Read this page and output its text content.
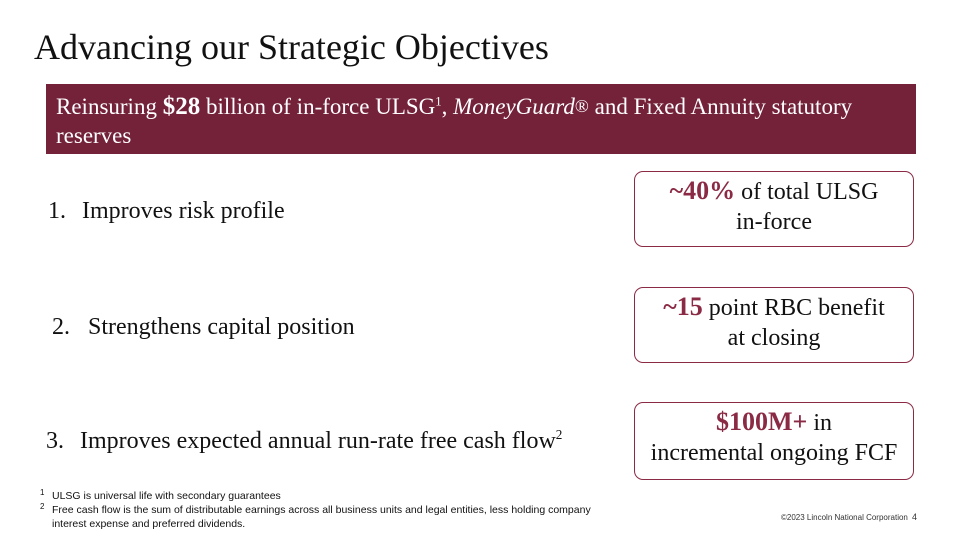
Advancing our Strategic Objectives
Reinsuring $28 billion of in-force ULSG$^1$, MoneyGuard® and Fixed Annuity statutory reserves
1. Improves risk profile
2. Strengthens capital position
3. Improves expected annual run-rate free cash flow$^2$
~40% of total ULSG
in-force
~15 point RBC benefit
at closing
$100M+ in
incremental ongoing FCF
1 ULSG is universal life with secondary guarantees
2 Free cash flow is the sum of distributable earnings across all business units and legal entities, less holding company interest expense and preferred dividends.
©2023 Lincoln National Corporation 4
